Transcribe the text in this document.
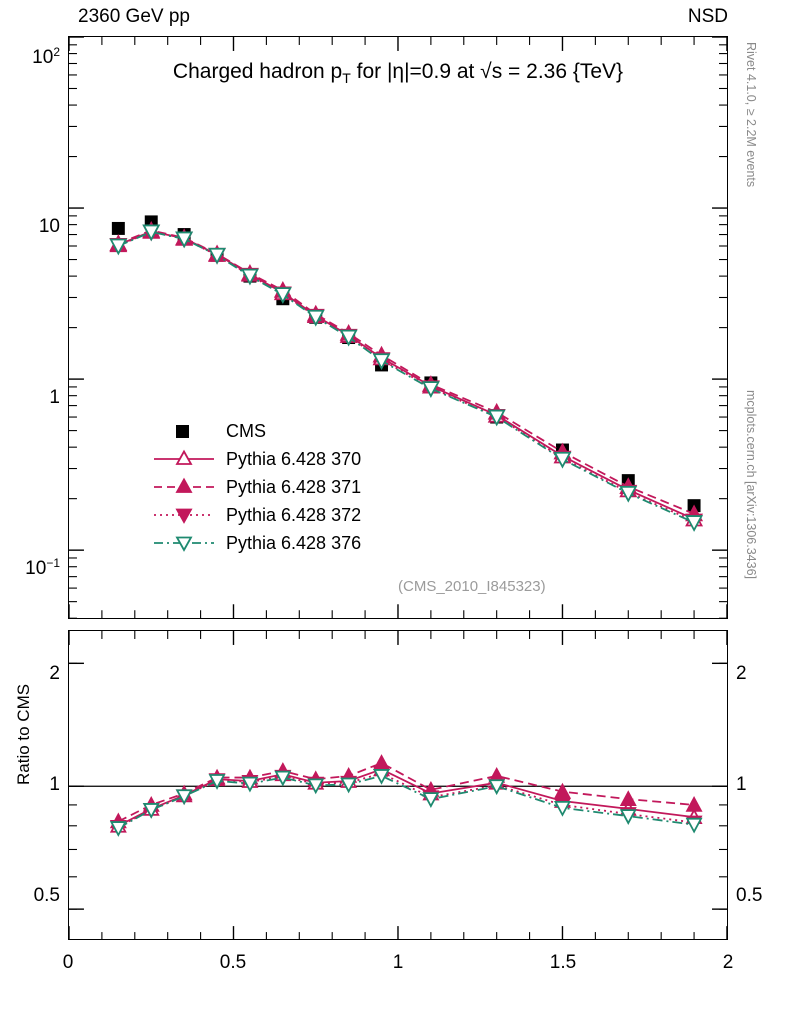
2360 GeV pp	NSD
Rivet 4.1.0, ≥ 2.2M events
mcplots.cern.ch [arXiv:1306.3436]
Charged hadron $p_T$ for |η|=0.9 at √s = 2.36 {TeV}
(CMS_2010_I845323)
$10^2$
10
1
$10^{-1}$
CMS
Pythia 6.428 370
Pythia 6.428 371
Pythia 6.428 372
Pythia 6.428 376
Ratio to CMS
2
1
0.5
2
1
0.5
0	0.5	1	1.5	2
